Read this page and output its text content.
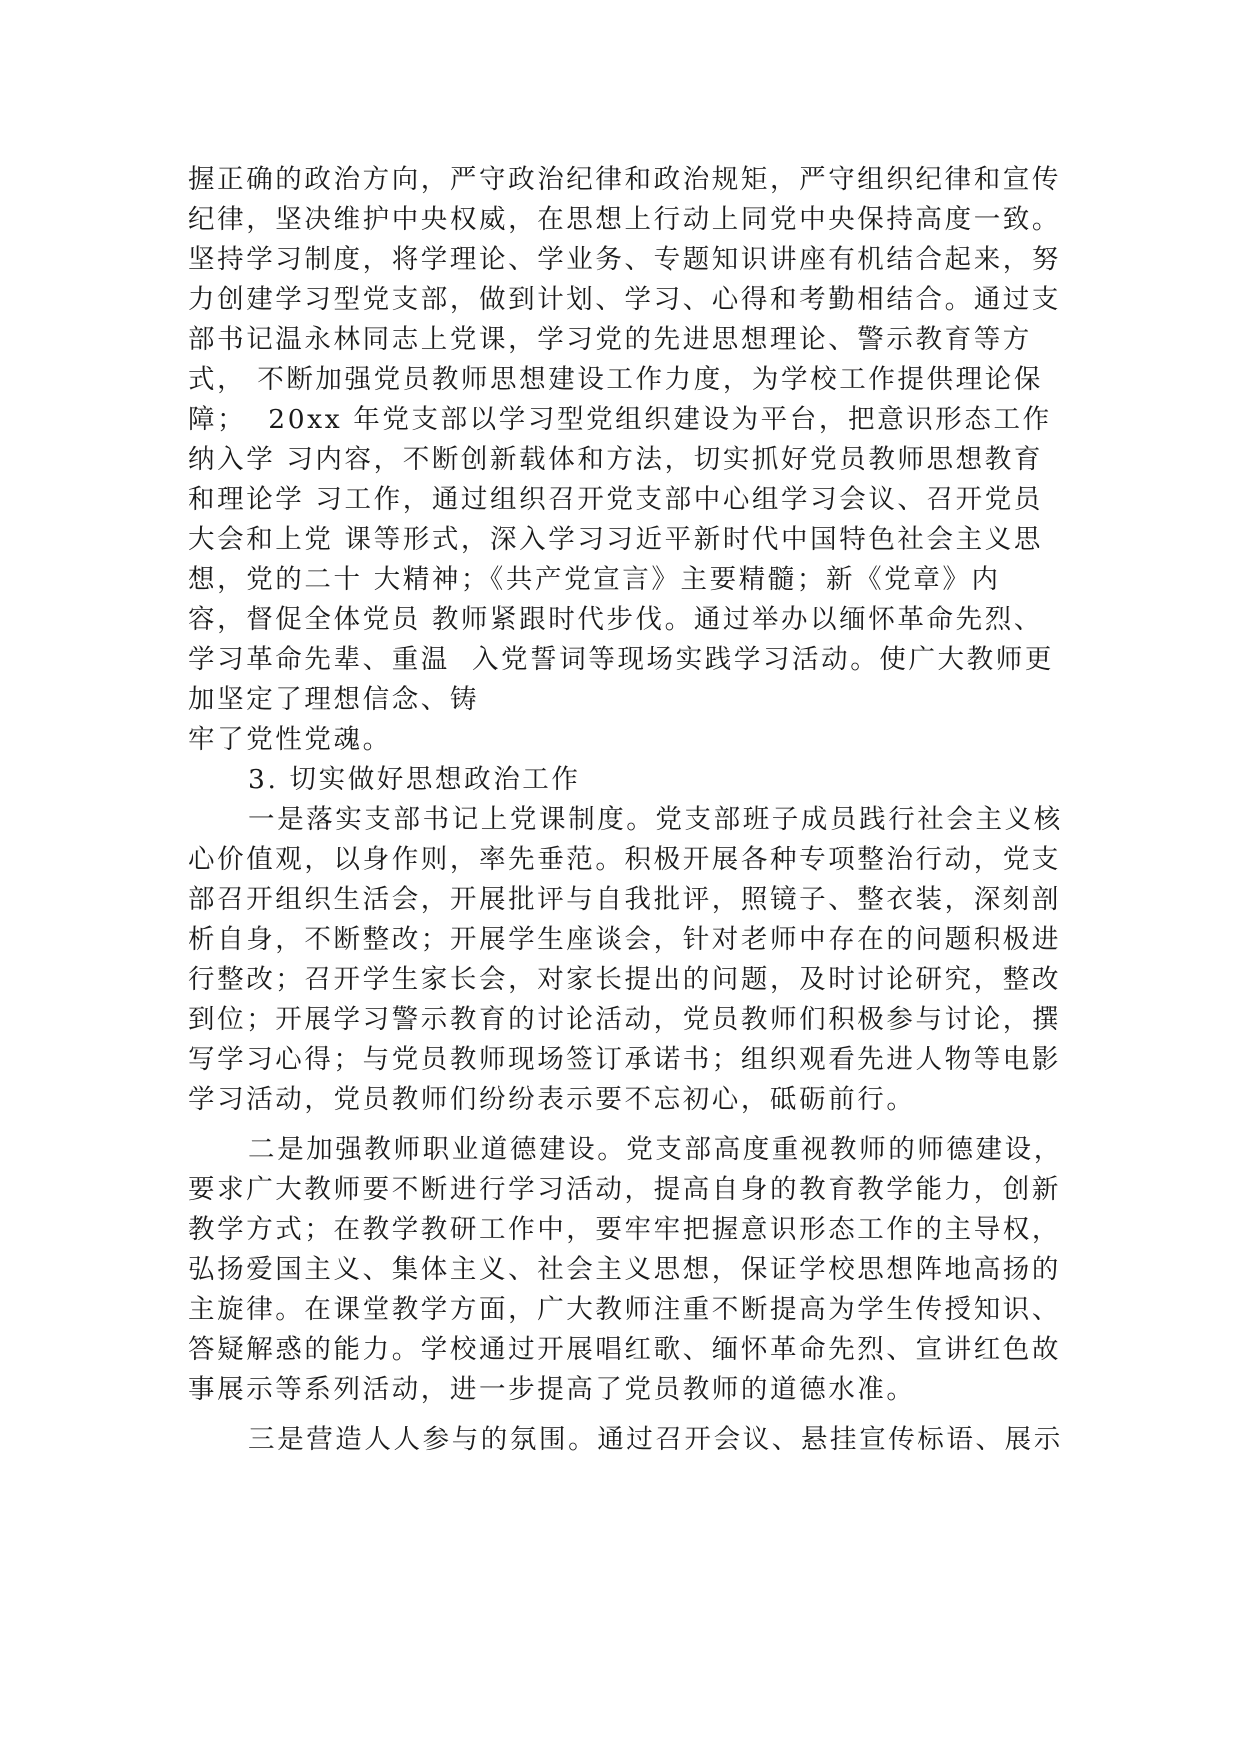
握正确的政治方向，严守政治纪律和政治规矩，严守组织纪律和宣传
纪律，坚决维护中央权威，在思想上行动上同党中央保持高度一致。
坚持学习制度，将学理论、学业务、专题知识讲座有机结合起来，努
力创建学习型党支部，做到计划、学习、心得和考勤相结合。通过支
部书记温永林同志上党课，学习党的先进思想理论、警示教育等方
式， 不断加强党员教师思想建设工作力度，为学校工作提供理论保
障；  20xx 年党支部以学习型党组织建设为平台，把意识形态工作
纳入学 习内容，不断创新载体和方法，切实抓好党员教师思想教育
和理论学 习工作，通过组织召开党支部中心组学习会议、召开党员
大会和上党 课等形式，深入学习习近平新时代中国特色社会主义思
想，党的二十 大精神；《共产党宣言》主要精髓；新《党章》内
容，督促全体党员 教师紧跟时代步伐。通过举办以缅怀革命先烈、
学习革命先辈、重温  入党誓词等现场实践学习活动。使广大教师更
加坚定了理想信念、铸
牢了党性党魂。
3. 切实做好思想政治工作
一是落实支部书记上党课制度。党支部班子成员践行社会主义核
心价值观，以身作则，率先垂范。积极开展各种专项整治行动，党支
部召开组织生活会，开展批评与自我批评，照镜子、整衣装，深刻剖
析自身，不断整改；开展学生座谈会，针对老师中存在的问题积极进
行整改；召开学生家长会，对家长提出的问题，及时讨论研究，整改
到位；开展学习警示教育的讨论活动，党员教师们积极参与讨论，撰
写学习心得；与党员教师现场签订承诺书；组织观看先进人物等电影
学习活动，党员教师们纷纷表示要不忘初心，砥砺前行。
二是加强教师职业道德建设。党支部高度重视教师的师德建设，
要求广大教师要不断进行学习活动，提高自身的教育教学能力，创新
教学方式；在教学教研工作中，要牢牢把握意识形态工作的主导权，
弘扬爱国主义、集体主义、社会主义思想，保证学校思想阵地高扬的
主旋律。在课堂教学方面，广大教师注重不断提高为学生传授知识、
答疑解惑的能力。学校通过开展唱红歌、缅怀革命先烈、宣讲红色故
事展示等系列活动，进一步提高了党员教师的道德水准。
三是营造人人参与的氛围。通过召开会议、悬挂宣传标语、展示
